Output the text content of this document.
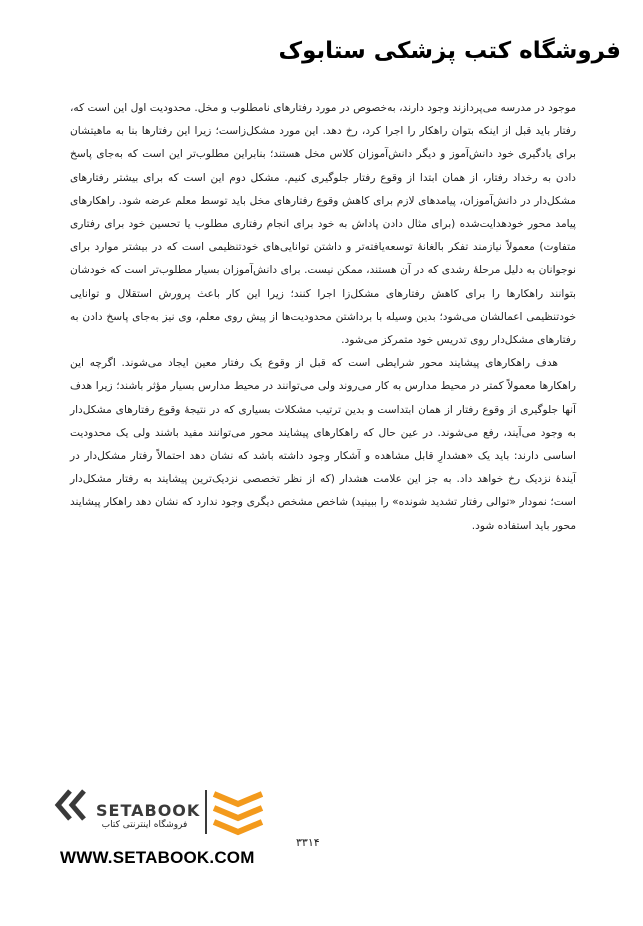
فروشگاه کتب پزشکی ستابوک

موجود در مدرسه می‌پردازند وجود دارند، به‌خصوص در مورد رفتارهای نامطلوب و مخل. محدودیت اول این است که، رفتار باید قبل از اینکه بتوان راهکار را اجرا کرد، رخ دهد. این مورد مشکل‌زاست؛ زیرا این رفتارها بنا به ماهیتشان برای یادگیری خود دانش‌آموز و دیگر دانش‌آموزان کلاس مخل هستند؛ بنابراین مطلوب‌تر این است که به‌جای پاسخ دادن به رخداد رفتار، از همان ابتدا از وقوع رفتار جلوگیری کنیم. مشکل دوم این است که برای بیشتر رفتارهای مشکل‌دار در دانش‌آموزان، پیامدهای لازم برای کاهش وقوع رفتارهای مخل باید توسط معلم عرضه شود. راهکارهای پیامد محور خودهدایت‌شده (برای مثال دادن پاداش به خود برای انجام رفتاری مطلوب یا تحسین خود برای رفتاری متفاوت) معمولاً نیازمند تفکر بالغانهٔ توسعه‌یافته‌تر و داشتن توانایی‌های خودتنظیمی است که در بیشتر موارد برای نوجوانان به دلیل مرحلهٔ رشدی که در آن هستند، ممکن نیست. برای دانش‌آموزان بسیار مطلوب‌تر است که خودشان بتوانند راهکارها را برای کاهش رفتارهای مشکل‌زا اجرا کنند؛ زیرا این کار باعث پرورش استقلال و توانایی خودتنظیمی اعمالشان می‌شود؛ بدین وسیله با برداشتن محدودیت‌ها از پیش روی معلم، وی نیز به‌جای پاسخ دادن به رفتارهای مشکل‌دار روی تدریس خود متمرکز می‌شود.

هدف راهکارهای پیشایند محور شرایطی است که قبل از وقوع یک رفتار معین ایجاد می‌شوند. اگرچه این راهکارها معمولاً کمتر در محیط مدارس به کار می‌روند ولی می‌توانند در محیط مدارس بسیار مؤثر باشند؛ زیرا هدف آنها جلوگیری از وقوع رفتار از همان ابتداست و بدین ترتیب مشکلات بسیاری که در نتیجهٔ وقوع رفتارهای مشکل‌دار به وجود می‌آیند، رفع می‌شوند. در عین حال که راهکارهای پیشایند محور می‌توانند مفید باشند ولی یک محدودیت اساسی دارند: باید یک «هشدارِ قابل مشاهده و آشکار وجود داشته باشد که نشان دهد احتمالاً رفتار مشکل‌دار در آیندهٔ نزدیک رخ خواهد داد. به جز این علامت هشدار (که از نظر تخصصی نزدیک‌ترین پیشایند به رفتار مشکل‌دار است؛ نمودار «توالی رفتار تشدید شونده» را ببینید) شاخص مشخص دیگری وجود ندارد که نشان دهد راهکار پیشایند محور باید استفاده شود.

SETABOOK
فروشگاه اینترنتی کتاب
۳۳۱۴
WWW.SETABOOK.COM
